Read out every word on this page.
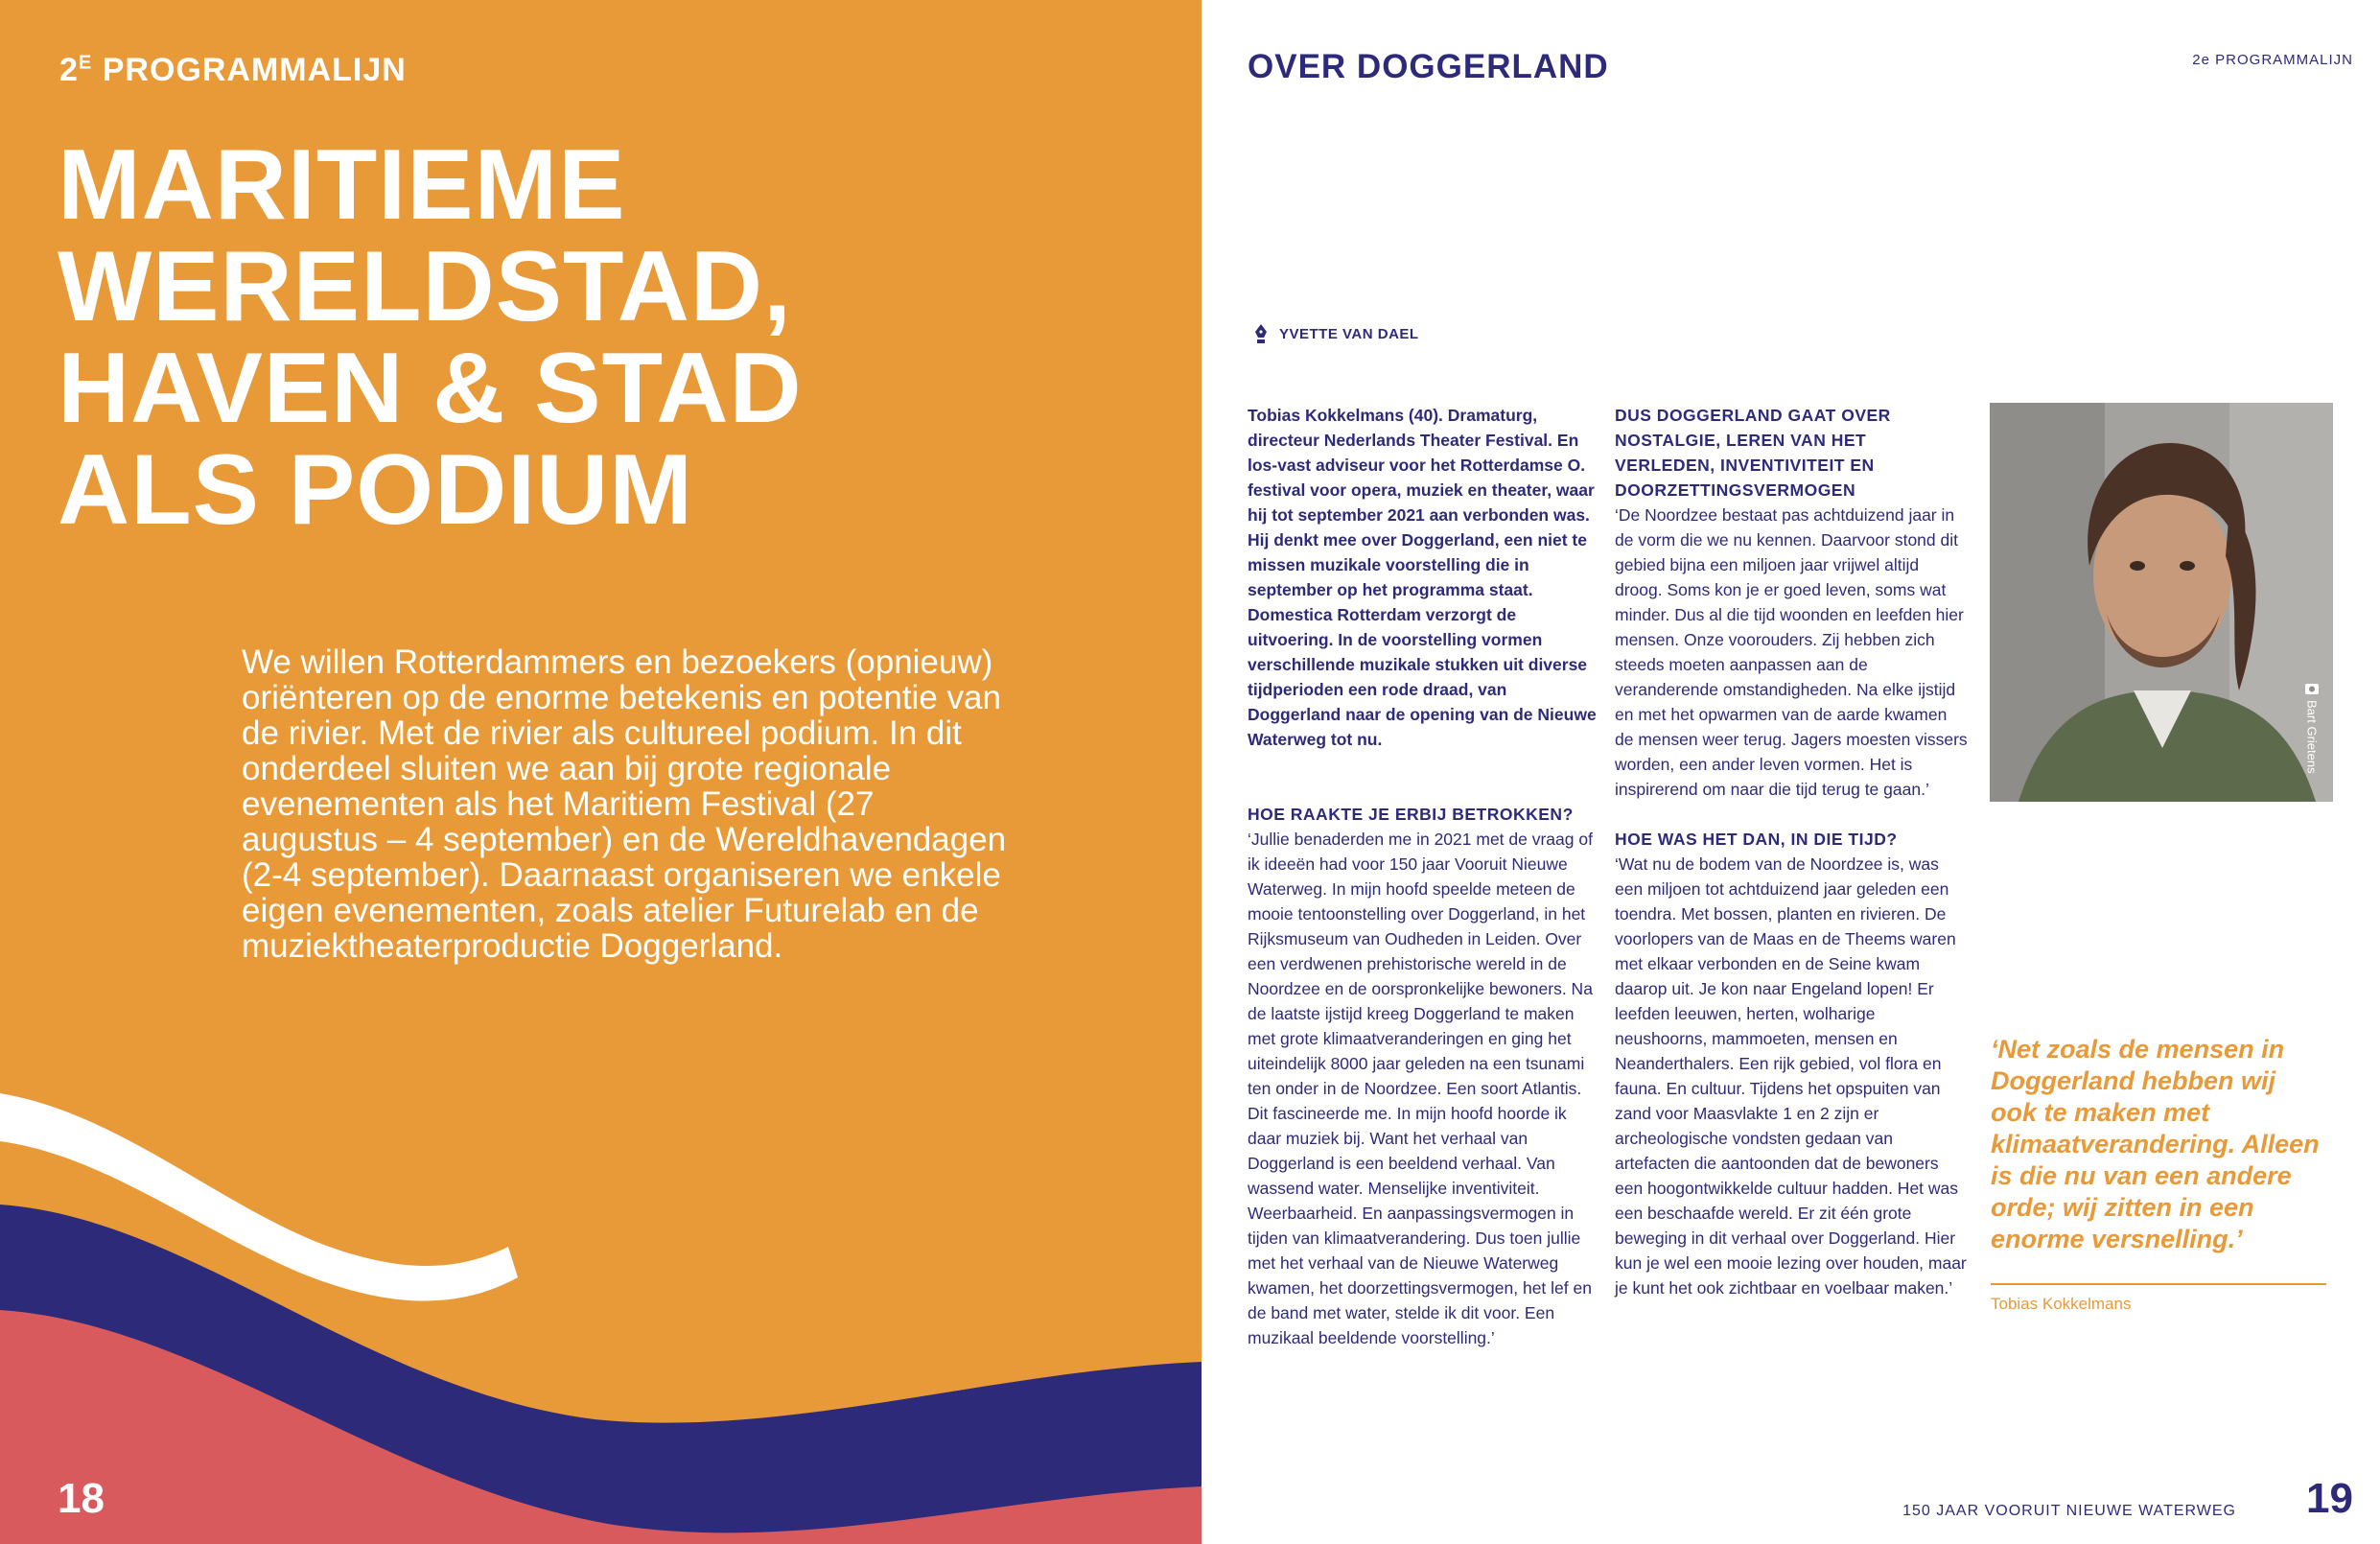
$2^E$ PROGRAMMALIJN
MARITIEME
WERELDSTAD,
HAVEN & STAD
ALS PODIUM

We willen Rotterdammers en bezoekers (opnieuw) oriënteren op de enorme betekenis en potentie van de rivier. Met de rivier als cultureel podium. In dit onderdeel sluiten we aan bij grote regionale evenementen als het Maritiem Festival (27 augustus – 4 september) en de Wereldhavendagen (2-4 september). Daarnaast organiseren we enkele eigen evenementen, zoals atelier Futurelab en de muziektheaterproductie Doggerland.

18
OVER DOGGERLAND	2e PROGRAMMALIJN
YVETTE VAN DAEL

Tobias Kokkelmans (40). Dramaturg, directeur Nederlands Theater Festival. En los-vast adviseur voor het Rotterdamse O. festival voor opera, muziek en theater, waar hij tot september 2021 aan verbonden was. Hij denkt mee over Doggerland, een niet te missen muzikale voorstelling die in september op het programma staat. Domestica Rotterdam verzorgt de uitvoering. In de voorstelling vormen verschillende muzikale stukken uit diverse tijdperioden een rode draad, van Doggerland naar de opening van de Nieuwe Waterweg tot nu.

HOE RAAKTE JE ERBIJ BETROKKEN?

‘Jullie benaderden me in 2021 met de vraag of ik ideeën had voor 150 jaar Vooruit Nieuwe Waterweg. In mijn hoofd speelde meteen de mooie tentoonstelling over Doggerland, in het Rijksmuseum van Oudheden in Leiden. Over een verdwenen prehistorische wereld in de Noordzee en de oorspronkelijke bewoners. Na de laatste ijstijd kreeg Doggerland te maken met grote klimaatveranderingen en ging het uiteindelijk 8000 jaar geleden na een tsunami ten onder in de Noordzee. Een soort Atlantis. Dit fascineerde me. In mijn hoofd hoorde ik daar muziek bij. Want het verhaal van Doggerland is een beeldend verhaal. Van wassend water. Menselijke inventiviteit. Weerbaarheid. En aanpassingsvermogen in tijden van klimaatverandering. Dus toen jullie met het verhaal van de Nieuwe Waterweg kwamen, het doorzettingsvermogen, het lef en de band met water, stelde ik dit voor. Een muzikaal beeldende voorstelling.’

DUS DOGGERLAND GAAT OVER NOSTALGIE, LEREN VAN HET VERLEDEN, INVENTIVITEIT EN DOORZETTINGSVERMOGEN

‘De Noordzee bestaat pas achtduizend jaar in de vorm die we nu kennen. Daarvoor stond dit gebied bijna een miljoen jaar vrijwel altijd droog. Soms kon je er goed leven, soms wat minder. Dus al die tijd woonden en leefden hier mensen. Onze voorouders. Zij hebben zich steeds moeten aanpassen aan de veranderende omstandigheden. Na elke ijstijd en met het opwarmen van de aarde kwamen de mensen weer terug. Jagers moesten vissers worden, een ander leven vormen. Het is inspirerend om naar die tijd terug te gaan.’

HOE WAS HET DAN, IN DIE TIJD?

‘Wat nu de bodem van de Noordzee is, was een miljoen tot achtduizend jaar geleden een toendra. Met bossen, planten en rivieren. De voorlopers van de Maas en de Theems waren met elkaar verbonden en de Seine kwam daarop uit. Je kon naar Engeland lopen! Er leefden leeuwen, herten, wolharige neushoorns, mammoeten, mensen en Neanderthalers. Een rijk gebied, vol flora en fauna. En cultuur. Tijdens het opspuiten van zand voor Maasvlakte 1 en 2 zijn er archeologische vondsten gedaan van artefacten die aantoonden dat de bewoners een hoogontwikkelde cultuur hadden. Het was een beschaafde wereld. Er zit één grote beweging in dit verhaal over Doggerland. Hier kun je wel een mooie lezing over houden, maar je kunt het ook zichtbaar en voelbaar maken.’

Bart Grietens

‘Net zoals de mensen in Doggerland hebben wij ook te maken met klimaatverandering. Alleen is die nu van een andere orde; wij zitten in een enorme versnelling.’

Tobias Kokkelmans
150 JAAR VOORUIT NIEUWE WATERWEG 19
